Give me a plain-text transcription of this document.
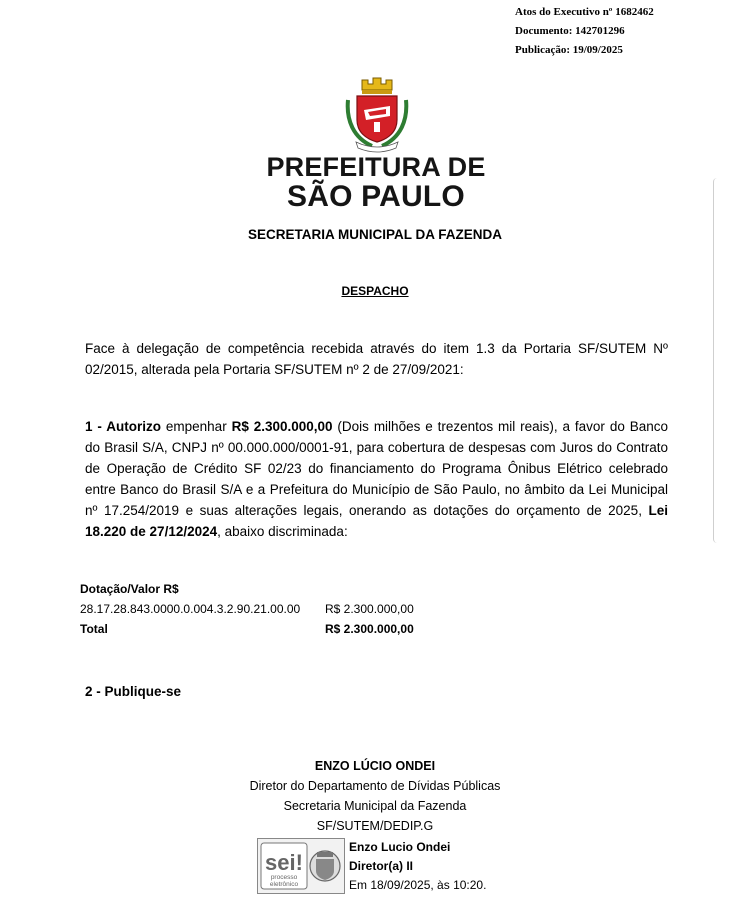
Atos do Executivo nº 1682462
Documento: 142701296
Publicação: 19/09/2025
PREFEITURA DE
SÃO PAULO
SECRETARIA MUNICIPAL DA FAZENDA
DESPACHO
Face à delegação de competência recebida através do item 1.3 da Portaria SF/SUTEM Nº 02/2015, alterada pela Portaria SF/SUTEM nº 2 de 27/09/2021:
1 - Autorizo empenhar R$ 2.300.000,00 (Dois milhões e trezentos mil reais), a favor do Banco do Brasil S/A, CNPJ nº 00.000.000/0001-91, para cobertura de despesas com Juros do Contrato de Operação de Crédito SF 02/23 do financiamento do Programa Ônibus Elétrico celebrado entre Banco do Brasil S/A e a Prefeitura do Município de São Paulo, no âmbito da Lei Municipal nº 17.254/2019 e suas alterações legais, onerando as dotações do orçamento de 2025, Lei 18.220 de 27/12/2024, abaixo discriminada:
Dotação/Valor R$
28.17.28.843.0000.0.004.3.2.90.21.00.00	R$ 2.300.000,00
Total	R$ 2.300.000,00
2 - Publique-se
ENZO LÚCIO ONDEI
Diretor do Departamento de Dívidas Públicas
Secretaria Municipal da Fazenda
SF/SUTEM/DEDIP.G
sei!
processo
eletrônico
Enzo Lucio Ondei
Diretor(a) II
Em 18/09/2025, às 10:20.
